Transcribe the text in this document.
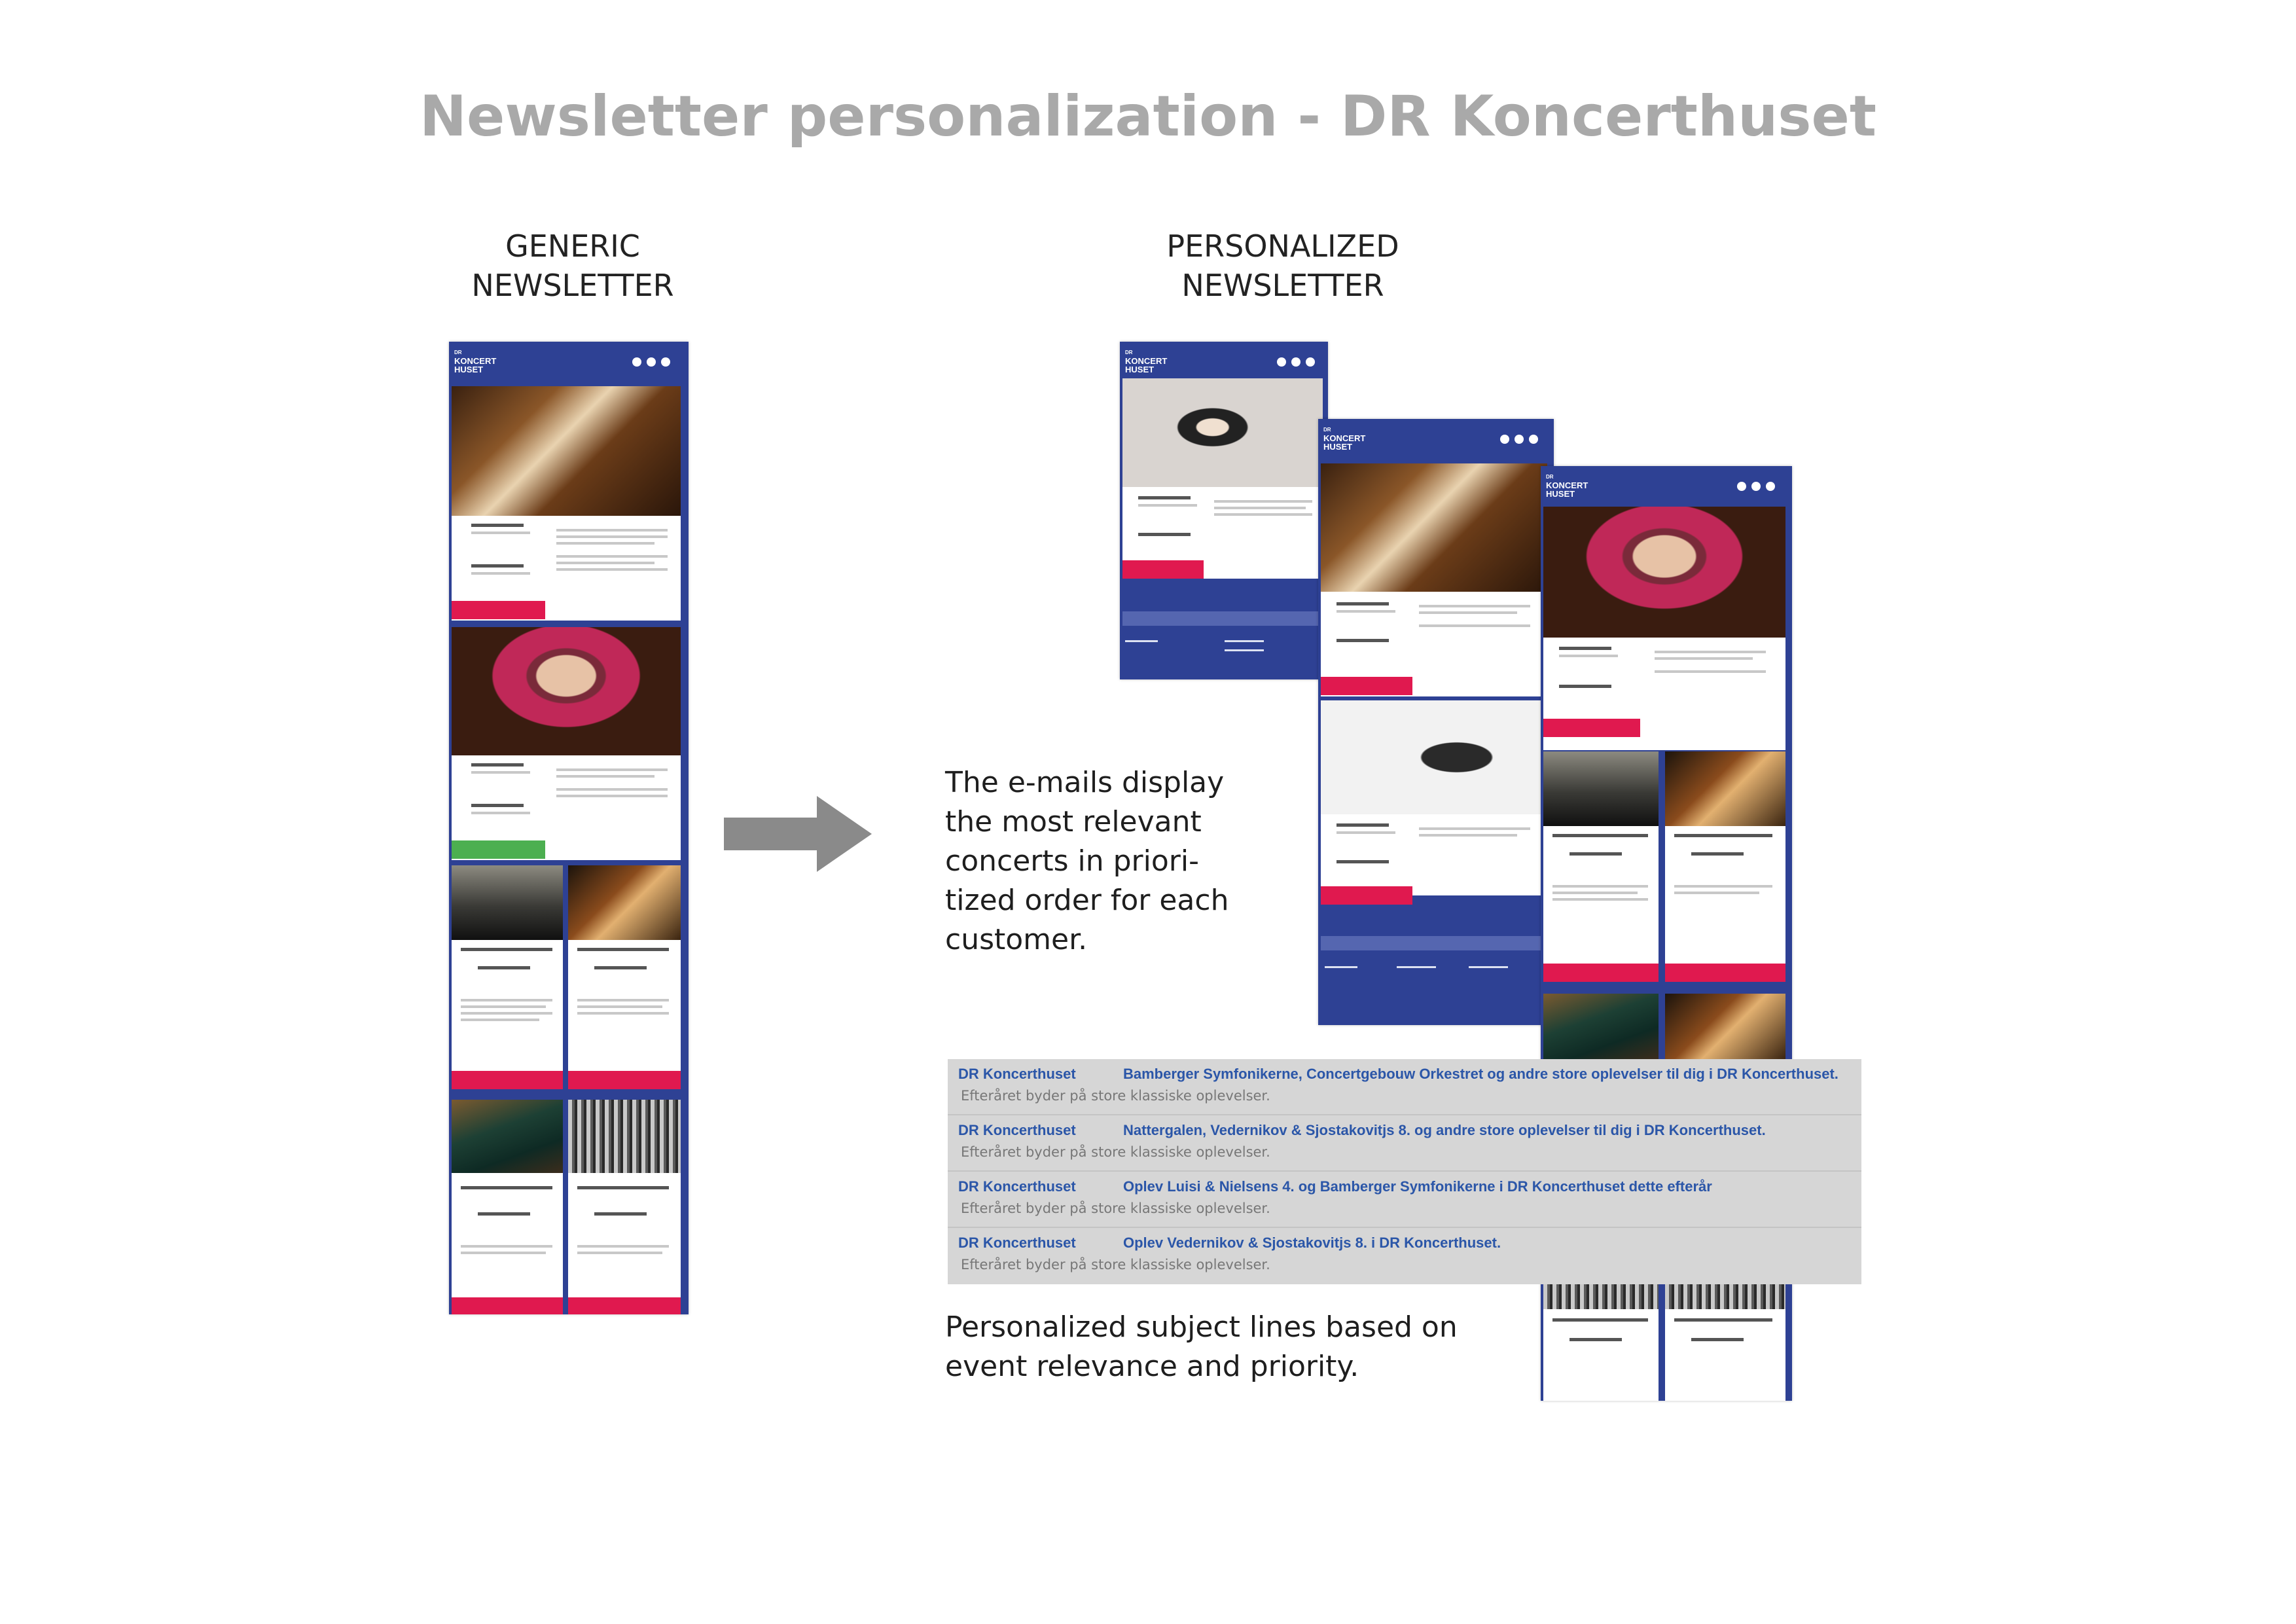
Newsletter personalization - DR Koncerthuset
GENERIC
NEWSLETTER
PERSONALIZED
NEWSLETTER
DR
KONCERT
HUSET
DR
KONCERT
HUSET
DR
KONCERT
HUSET
DR
KONCERT
HUSET
The e-mails display
the most relevant
concerts in priori-
tized order for each
customer.
DR Koncerthuset	Bamberger Symfonikerne, Concertgebouw Orkestret og andre store oplevelser til dig i DR Koncerthuset.
Efteråret byder på store klassiske oplevelser.
DR Koncerthuset	Nattergalen, Vedernikov & Sjostakovitjs 8. og andre store oplevelser til dig i DR Koncerthuset.
Efteråret byder på store klassiske oplevelser.
DR Koncerthuset	Oplev Luisi & Nielsens 4. og Bamberger Symfonikerne i DR Koncerthuset dette efterår
Efteråret byder på store klassiske oplevelser.
DR Koncerthuset	Oplev Vedernikov & Sjostakovitjs 8. i DR Koncerthuset.
Efteråret byder på store klassiske oplevelser.
Personalized subject lines based on
event relevance and priority.
